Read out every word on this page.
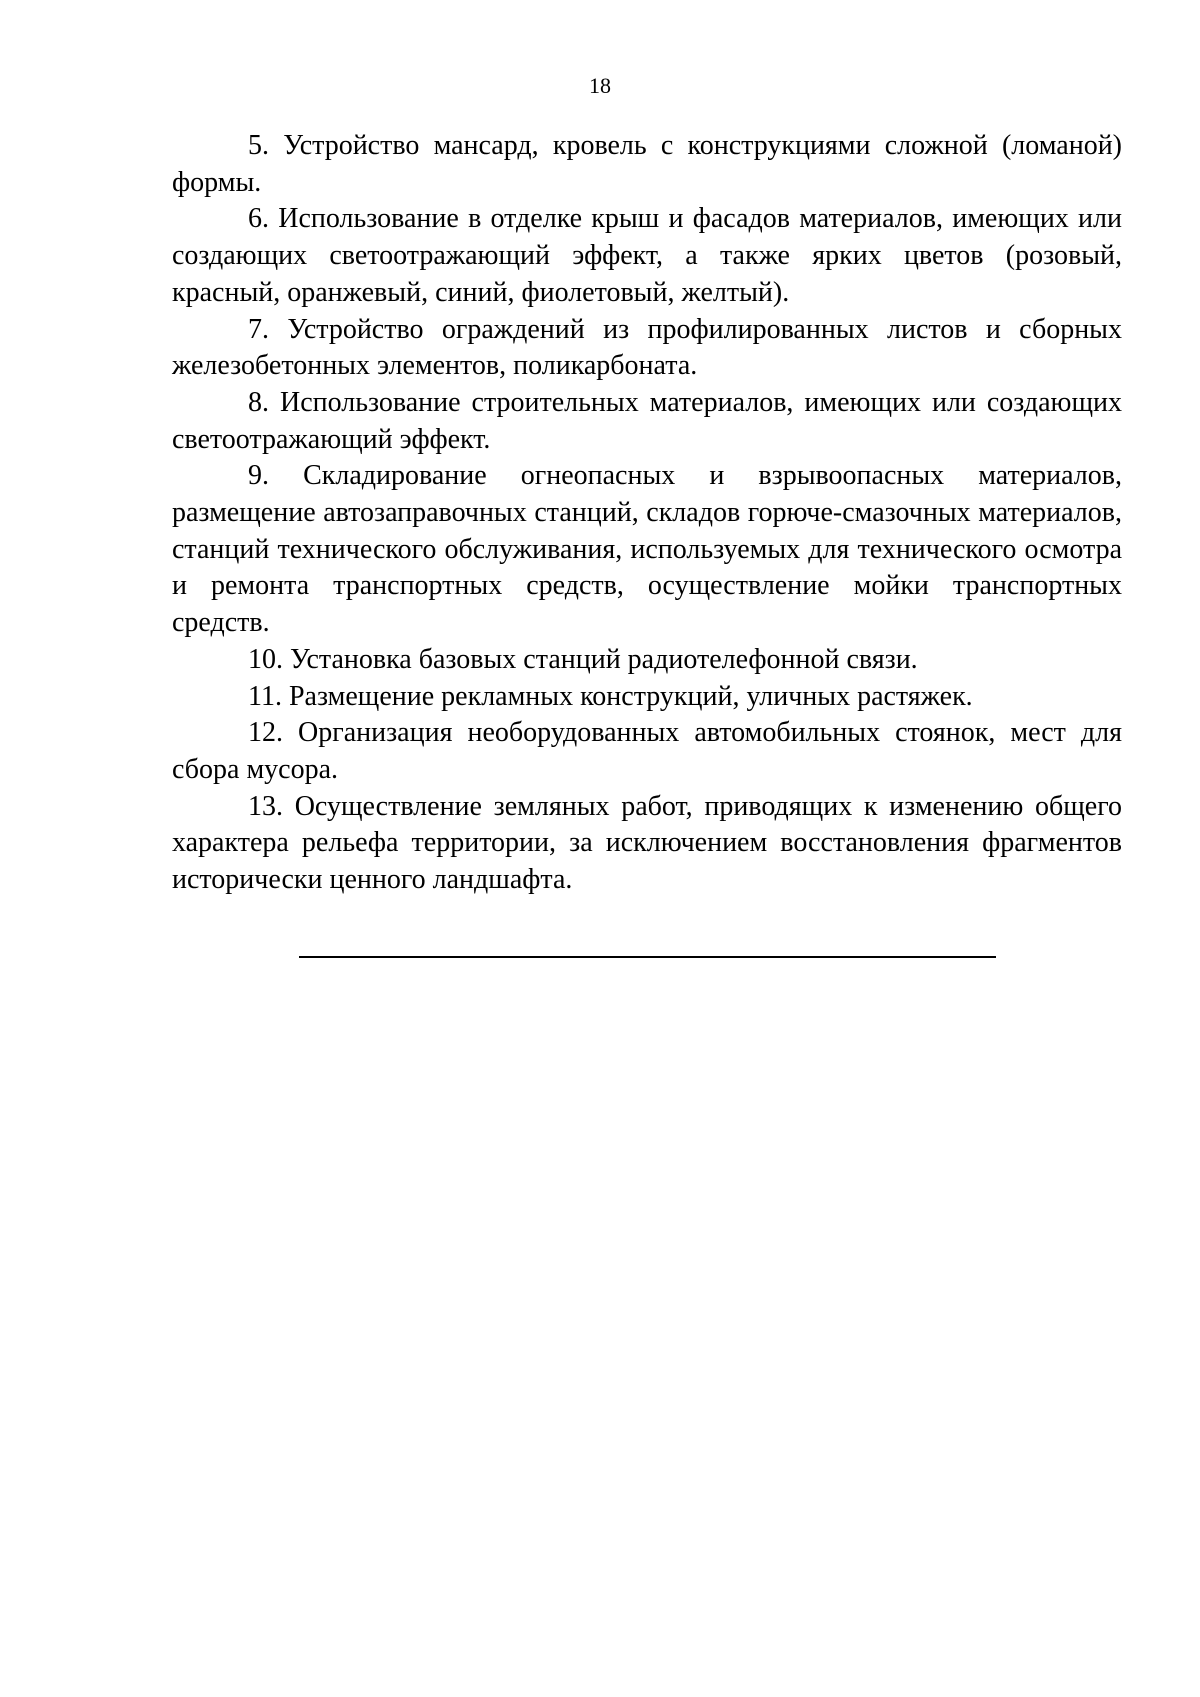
18

5. Устройство мансард, кровель с конструкциями сложной (ломаной) формы.

6. Использование в отделке крыш и фасадов материалов, имеющих или создающих светоотражающий эффект, а также ярких цветов (розовый, красный, оранжевый, синий, фиолетовый, желтый).

7. Устройство ограждений из профилированных листов и сборных железобетонных элементов, поликарбоната.

8. Использование строительных материалов, имеющих или создающих светоотражающий эффект.

9. Складирование огнеопасных и взрывоопасных материалов, размещение автозаправочных станций, складов горюче-смазочных материалов, станций технического обслуживания, используемых для технического осмотра и ремонта транспортных средств, осуществление мойки транспортных средств.

10. Установка базовых станций радиотелефонной связи.

11. Размещение рекламных конструкций, уличных растяжек.

12. Организация необорудованных автомобильных стоянок, мест для сбора мусора.

13. Осуществление земляных работ, приводящих к изменению общего характера рельефа территории, за исключением восстановления фрагментов исторически ценного ландшафта.
